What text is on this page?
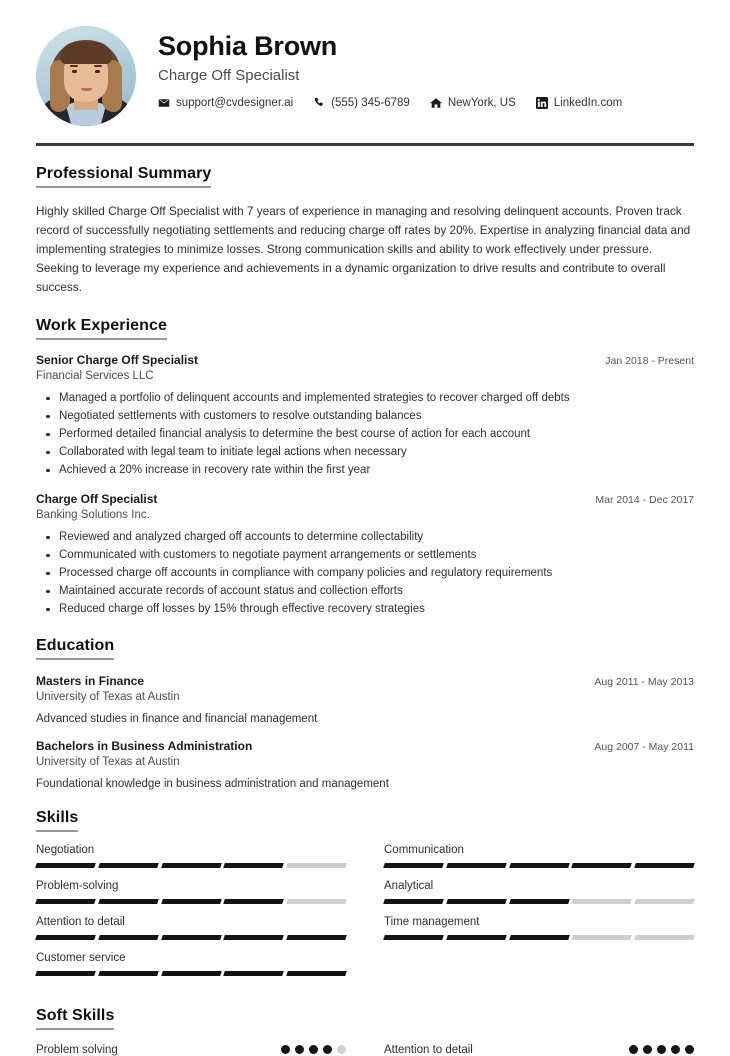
Sophia Brown
Charge Off Specialist
support@cvdesigner.ai	(555) 345-6789	NewYork, US	LinkedIn.com
Professional Summary
Highly skilled Charge Off Specialist with 7 years of experience in managing and resolving delinquent accounts. Proven track record of successfully negotiating settlements and reducing charge off rates by 20%. Expertise in analyzing financial data and implementing strategies to minimize losses. Strong communication skills and ability to work effectively under pressure. Seeking to leverage my experience and achievements in a dynamic organization to drive results and contribute to overall success.
Work Experience
Senior Charge Off Specialist	Jan 2018 - Present
Financial Services LLC
Managed a portfolio of delinquent accounts and implemented strategies to recover charged off debts
Negotiated settlements with customers to resolve outstanding balances
Performed detailed financial analysis to determine the best course of action for each account
Collaborated with legal team to initiate legal actions when necessary
Achieved a 20% increase in recovery rate within the first year
Charge Off Specialist	Mar 2014 - Dec 2017
Banking Solutions Inc.
Reviewed and analyzed charged off accounts to determine collectability
Communicated with customers to negotiate payment arrangements or settlements
Processed charge off accounts in compliance with company policies and regulatory requirements
Maintained accurate records of account status and collection efforts
Reduced charge off losses by 15% through effective recovery strategies
Education
Masters in Finance	Aug 2011 - May 2013
University of Texas at Austin
Advanced studies in finance and financial management
Bachelors in Business Administration	Aug 2007 - May 2011
University of Texas at Austin
Foundational knowledge in business administration and management
Skills
Negotiation	Communication
Problem-solving	Analytical
Attention to detail	Time management
Customer service
Soft Skills
Problem solving	Attention to detail
